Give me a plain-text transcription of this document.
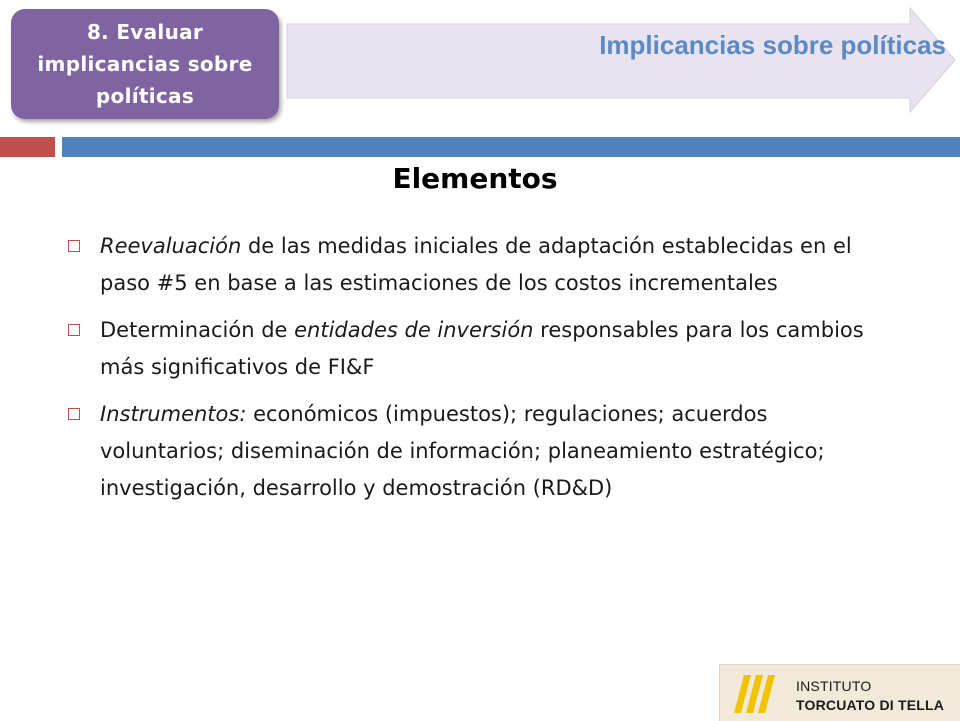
Implicancias sobre políticas
8. Evaluar
implicancias sobre
políticas
Elementos
Reevaluación de las medidas iniciales de adaptación establecidas en el paso #5 en base a las estimaciones de los costos incrementales
Determinación de entidades de inversión responsables para los cambios más significativos de FI&F
Instrumentos: económicos (impuestos); regulaciones; acuerdos voluntarios; diseminación de información; planeamiento estratégico; investigación, desarrollo y demostración (RD&D)
INSTITUTO
TORCUATO DI TELLA
